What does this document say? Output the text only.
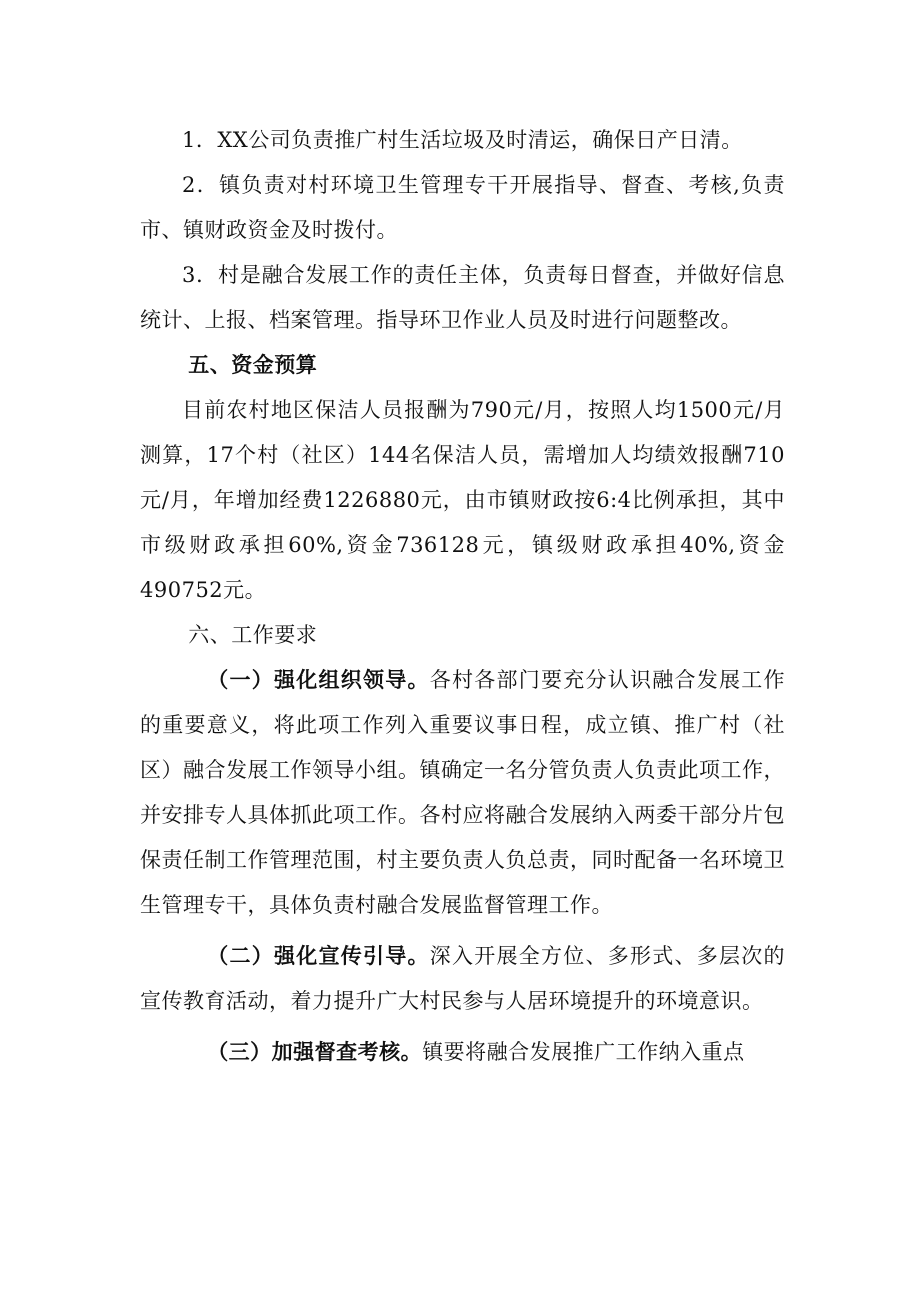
1．XX公司负责推广村生活垃圾及时清运，确保日产日清。

2．镇负责对村环境卫生管理专干开展指导、督查、考核,负责市、镇财政资金及时拨付。

3．村是融合发展工作的责任主体，负责每日督查，并做好信息统计、上报、档案管理。指导环卫作业人员及时进行问题整改。

五、资金预算

目前农村地区保洁人员报酬为790元/月，按照人均1500元/月测算，17个村（社区）144名保洁人员，需增加人均绩效报酬710元/月，年增加经费1226880元，由市镇财政按6:4比例承担，其中市级财政承担60%,资金736128元，镇级财政承担40%,资金490752元。

六、工作要求

（一）强化组织领导。各村各部门要充分认识融合发展工作的重要意义，将此项工作列入重要议事日程，成立镇、推广村（社区）融合发展工作领导小组。镇确定一名分管负责人负责此项工作，并安排专人具体抓此项工作。各村应将融合发展纳入两委干部分片包保责任制工作管理范围，村主要负责人负总责，同时配备一名环境卫生管理专干，具体负责村融合发展监督管理工作。

（二）强化宣传引导。深入开展全方位、多形式、多层次的宣传教育活动，着力提升广大村民参与人居环境提升的环境意识。

（三）加强督查考核。镇要将融合发展推广工作纳入重点
